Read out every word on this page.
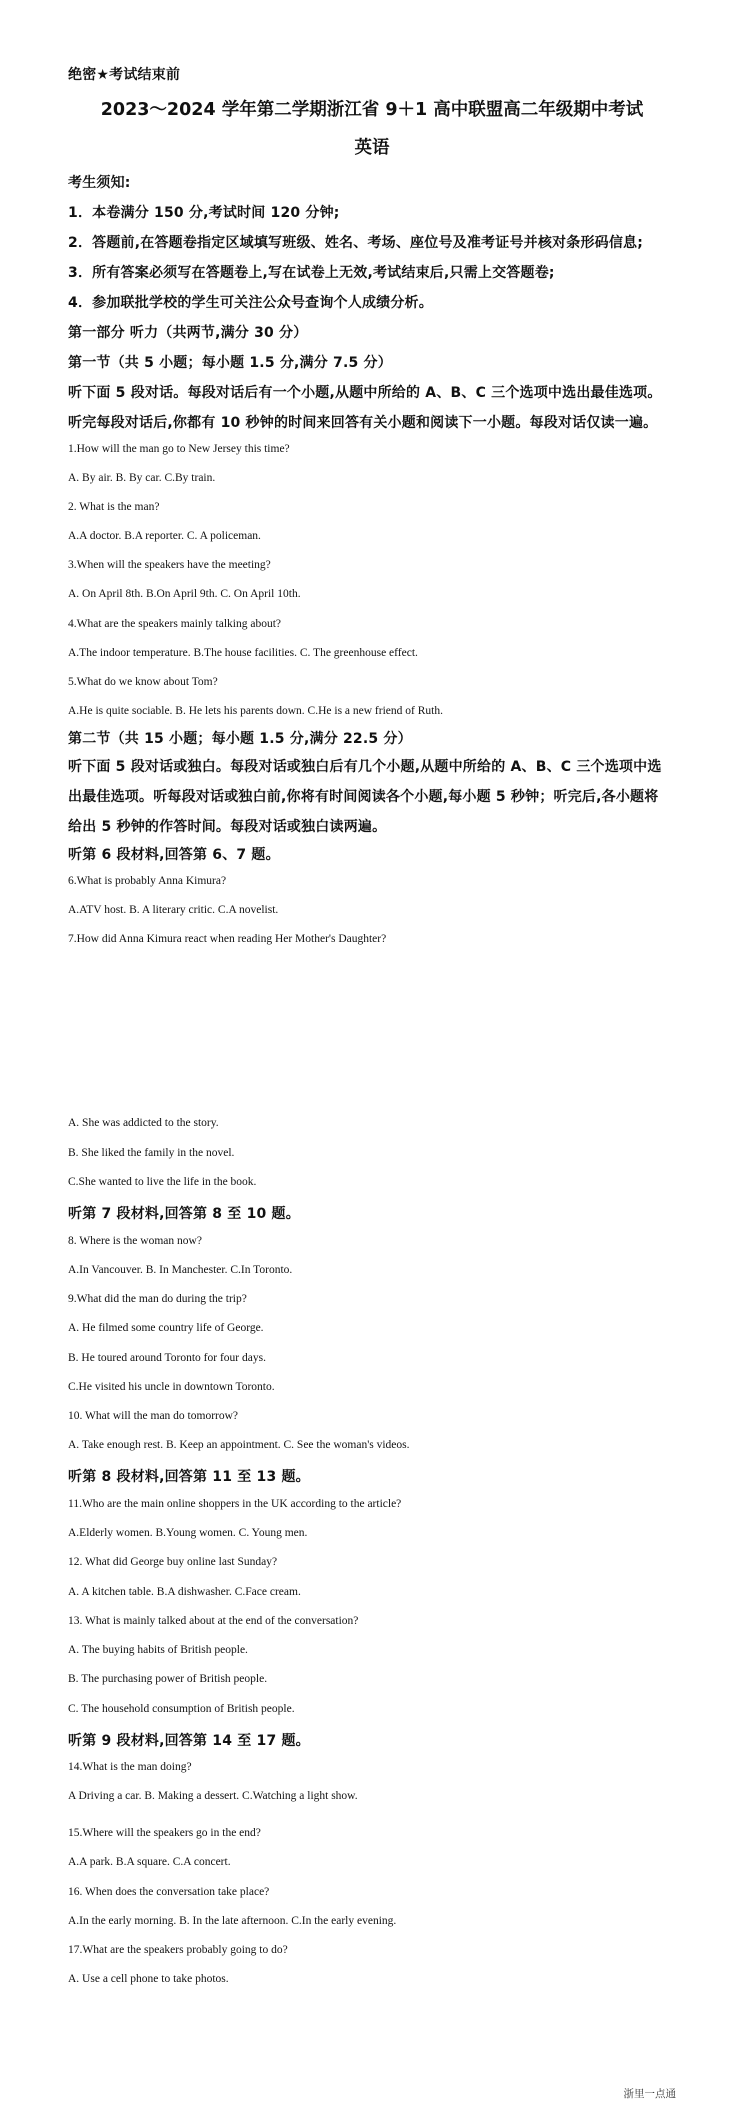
绝密★考试结束前
2023～2024 学年第二学期浙江省 9＋1 高中联盟高二年级期中考试
英语
考生须知:
1．本卷满分 150 分,考试时间 120 分钟;
2．答题前,在答题卷指定区域填写班级、姓名、考场、座位号及准考证号并核对条形码信息;
3．所有答案必须写在答题卷上,写在试卷上无效,考试结束后,只需上交答题卷;
4．参加联批学校的学生可关注公众号查询个人成绩分析。
第一部分 听力（共两节,满分 30 分）
第一节（共 5 小题；每小题 1.5 分,满分 7.5 分）
听下面 5 段对话。每段对话后有一个小题,从题中所给的 A、B、C 三个选项中选出最佳选项。
听完每段对话后,你都有 10 秒钟的时间来回答有关小题和阅读下一小题。每段对话仅读一遍。
1.How will the man go to New Jersey this time?
A. By air. B. By car. C.By train.
2. What is the man?
A.A doctor. B.A reporter. C. A policeman.
3.When will the speakers have the meeting?
A. On April 8th. B.On April 9th. C. On April 10th.
4.What are the speakers mainly talking about?
A.The indoor temperature. B.The house facilities. C. The greenhouse effect.
5.What do we know about Tom?
A.He is quite sociable. B. He lets his parents down. C.He is a new friend of Ruth.
第二节（共 15 小题；每小题 1.5 分,满分 22.5 分）
听下面 5 段对话或独白。每段对话或独白后有几个小题,从题中所给的 A、B、C 三个选项中选
出最佳选项。听每段对话或独白前,你将有时间阅读各个小题,每小题 5 秒钟；听完后,各小题将
给出 5 秒钟的作答时间。每段对话或独白读两遍。
听第 6 段材料,回答第 6、7 题。
6.What is probably Anna Kimura?
A.ATV host. B. A literary critic. C.A novelist.
7.How did Anna Kimura react when reading Her Mother's Daughter?
A. She was addicted to the story.
B. She liked the family in the novel.
C.She wanted to live the life in the book.
听第 7 段材料,回答第 8 至 10 题。
8. Where is the woman now?
A.In Vancouver. B. In Manchester. C.In Toronto.
9.What did the man do during the trip?
A. He filmed some country life of George.
B. He toured around Toronto for four days.
C.He visited his uncle in downtown Toronto.
10. What will the man do tomorrow?
A. Take enough rest. B. Keep an appointment. C. See the woman's videos.
听第 8 段材料,回答第 11 至 13 题。
11.Who are the main online shoppers in the UK according to the article?
A.Elderly women. B.Young women. C. Young men.
12. What did George buy online last Sunday?
A. A kitchen table. B.A dishwasher. C.Face cream.
13. What is mainly talked about at the end of the conversation?
A. The buying habits of British people.
B. The purchasing power of British people.
C. The household consumption of British people.
听第 9 段材料,回答第 14 至 17 题。
14.What is the man doing?
A Driving a car. B. Making a dessert. C.Watching a light show.
15.Where will the speakers go in the end?
A.A park. B.A square. C.A concert.
16. When does the conversation take place?
A.In the early morning. B. In the late afternoon. C.In the early evening.
17.What are the speakers probably going to do?
A. Use a cell phone to take photos.
浙里一点通
